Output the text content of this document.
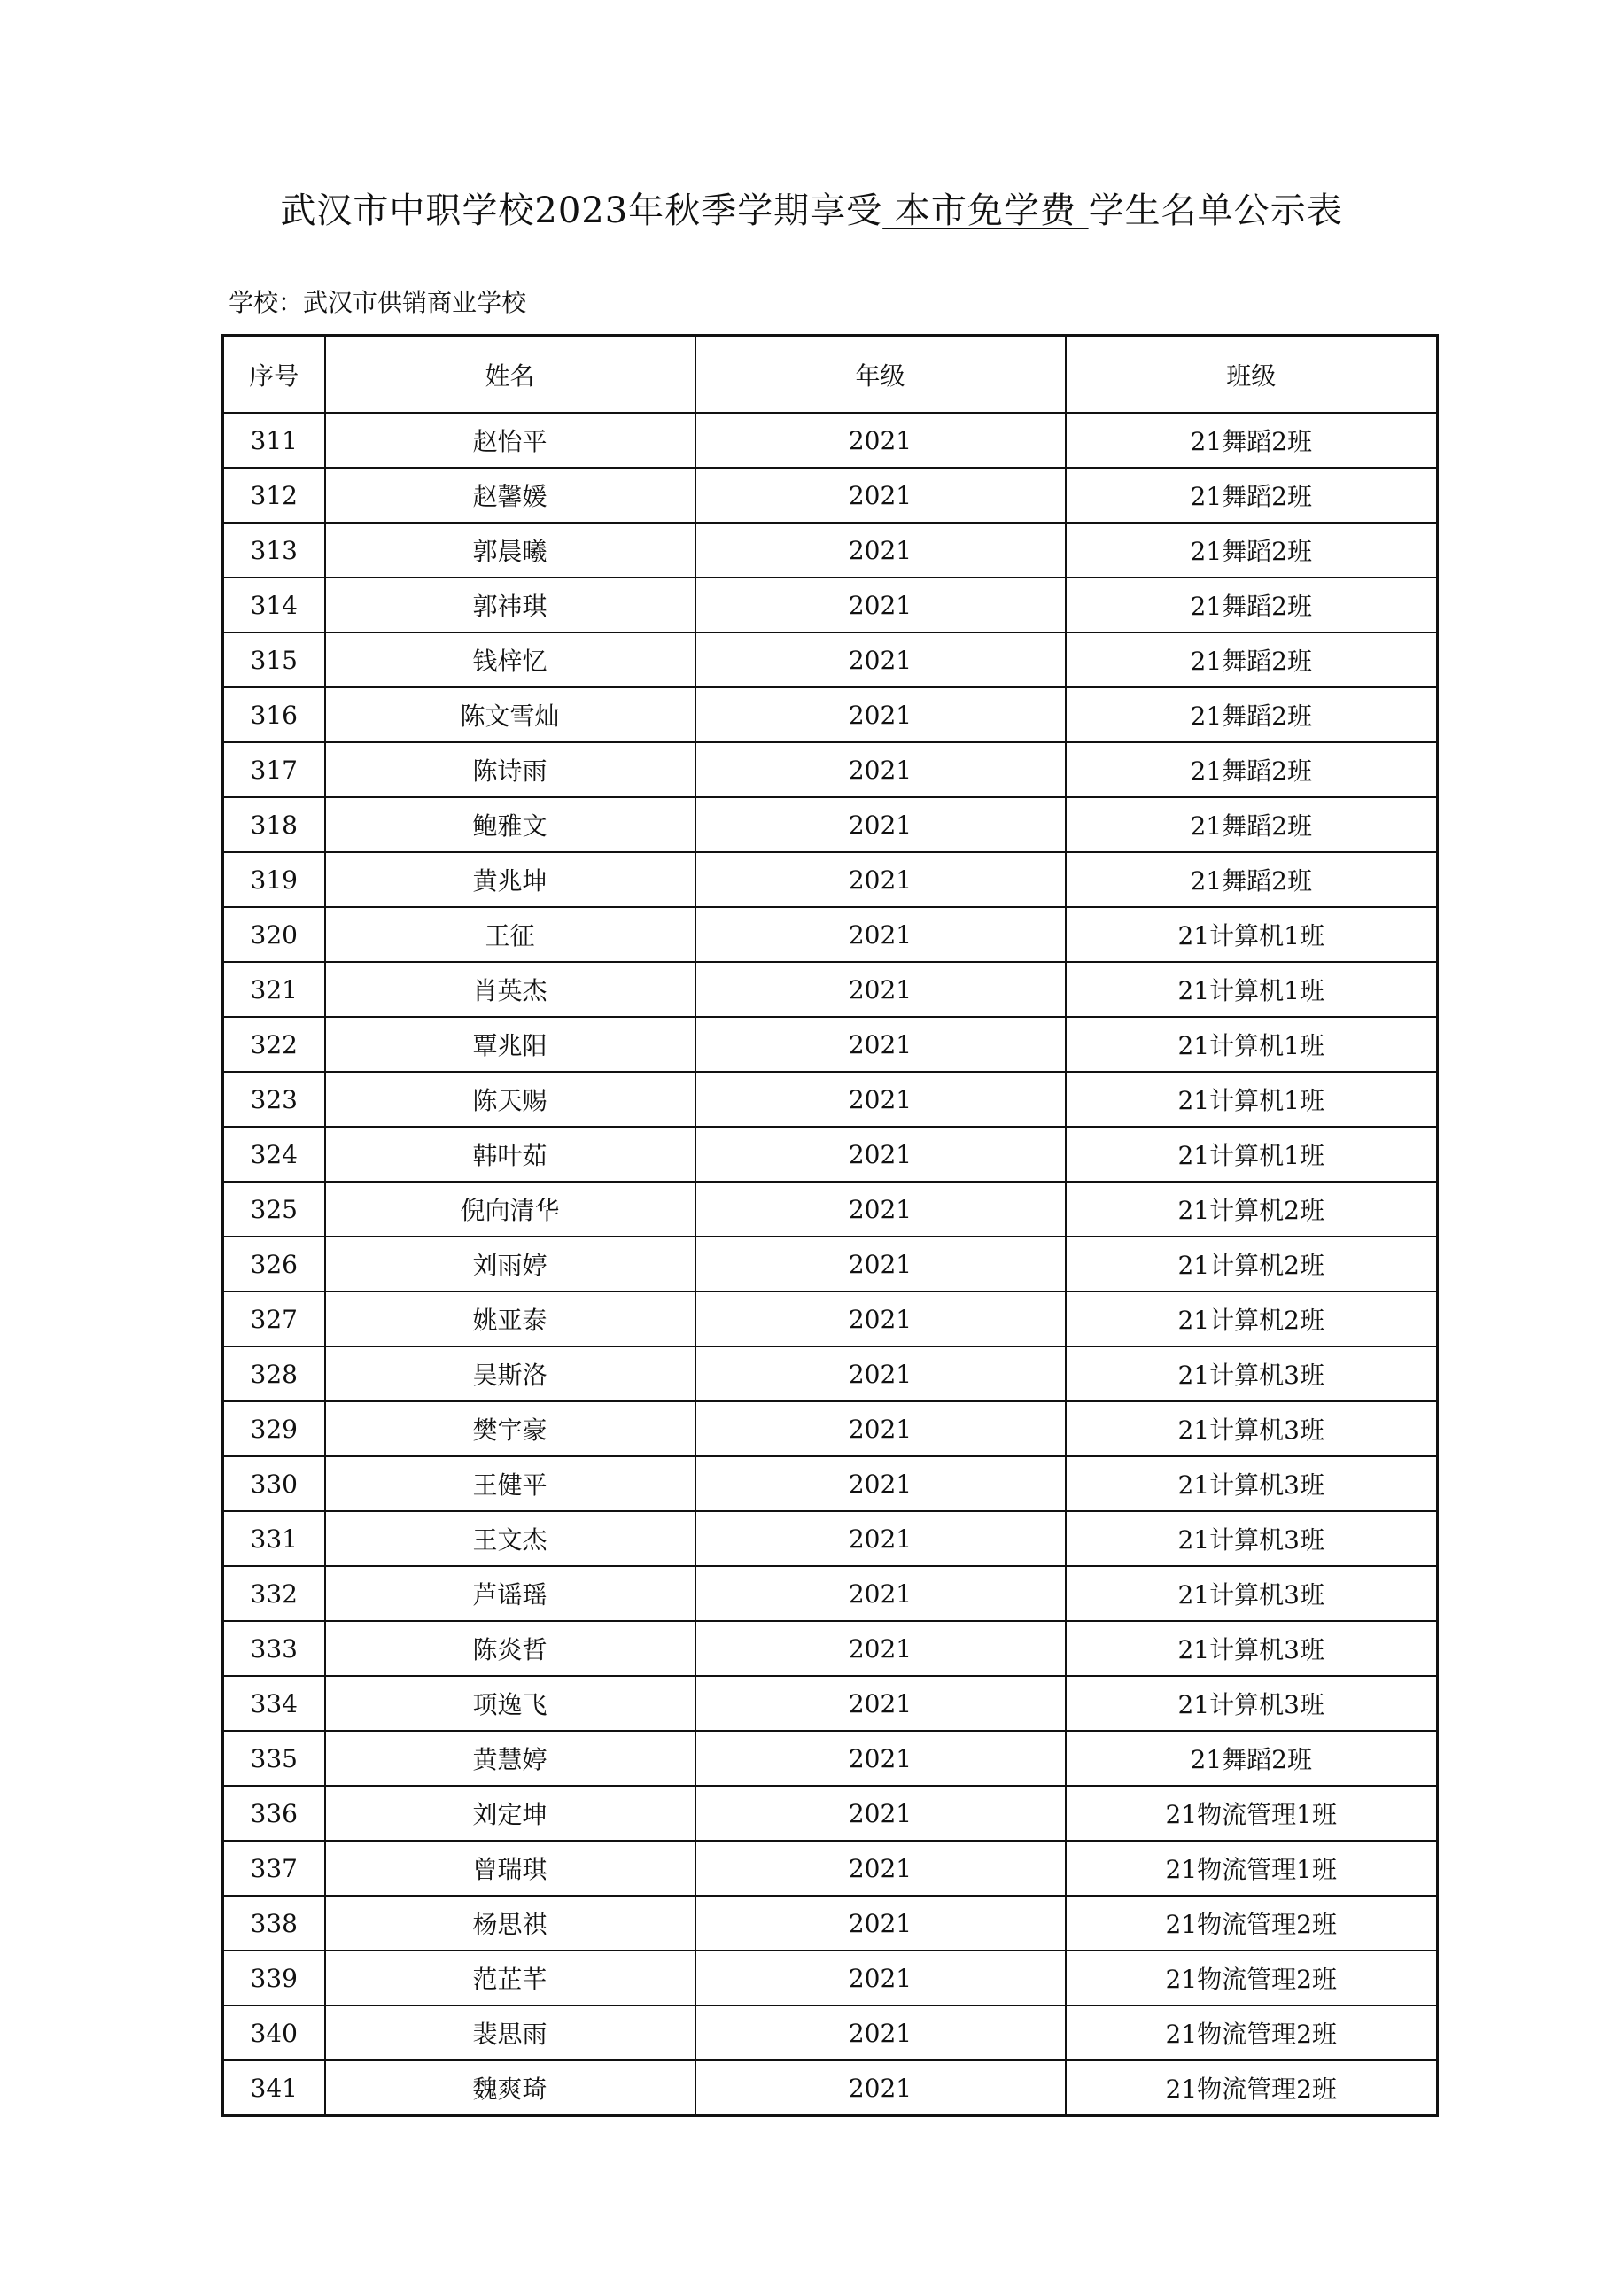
武汉市中职学校2023年秋季学期享受 本市免学费 学生名单公示表
学校：武汉市供销商业学校
序号	姓名	年级	班级
311	赵怡平	2021	21舞蹈2班
312	赵馨媛	2021	21舞蹈2班
313	郭晨曦	2021	21舞蹈2班
314	郭祎琪	2021	21舞蹈2班
315	钱梓忆	2021	21舞蹈2班
316	陈文雪灿	2021	21舞蹈2班
317	陈诗雨	2021	21舞蹈2班
318	鲍雅文	2021	21舞蹈2班
319	黄兆坤	2021	21舞蹈2班
320	王征	2021	21计算机1班
321	肖英杰	2021	21计算机1班
322	覃兆阳	2021	21计算机1班
323	陈天赐	2021	21计算机1班
324	韩叶茹	2021	21计算机1班
325	倪向清华	2021	21计算机2班
326	刘雨婷	2021	21计算机2班
327	姚亚泰	2021	21计算机2班
328	吴斯洛	2021	21计算机3班
329	樊宇豪	2021	21计算机3班
330	王健平	2021	21计算机3班
331	王文杰	2021	21计算机3班
332	芦谣瑶	2021	21计算机3班
333	陈炎哲	2021	21计算机3班
334	项逸飞	2021	21计算机3班
335	黄慧婷	2021	21舞蹈2班
336	刘定坤	2021	21物流管理1班
337	曾瑞琪	2021	21物流管理1班
338	杨思祺	2021	21物流管理2班
339	范芷芊	2021	21物流管理2班
340	裴思雨	2021	21物流管理2班
341	魏爽琦	2021	21物流管理2班
